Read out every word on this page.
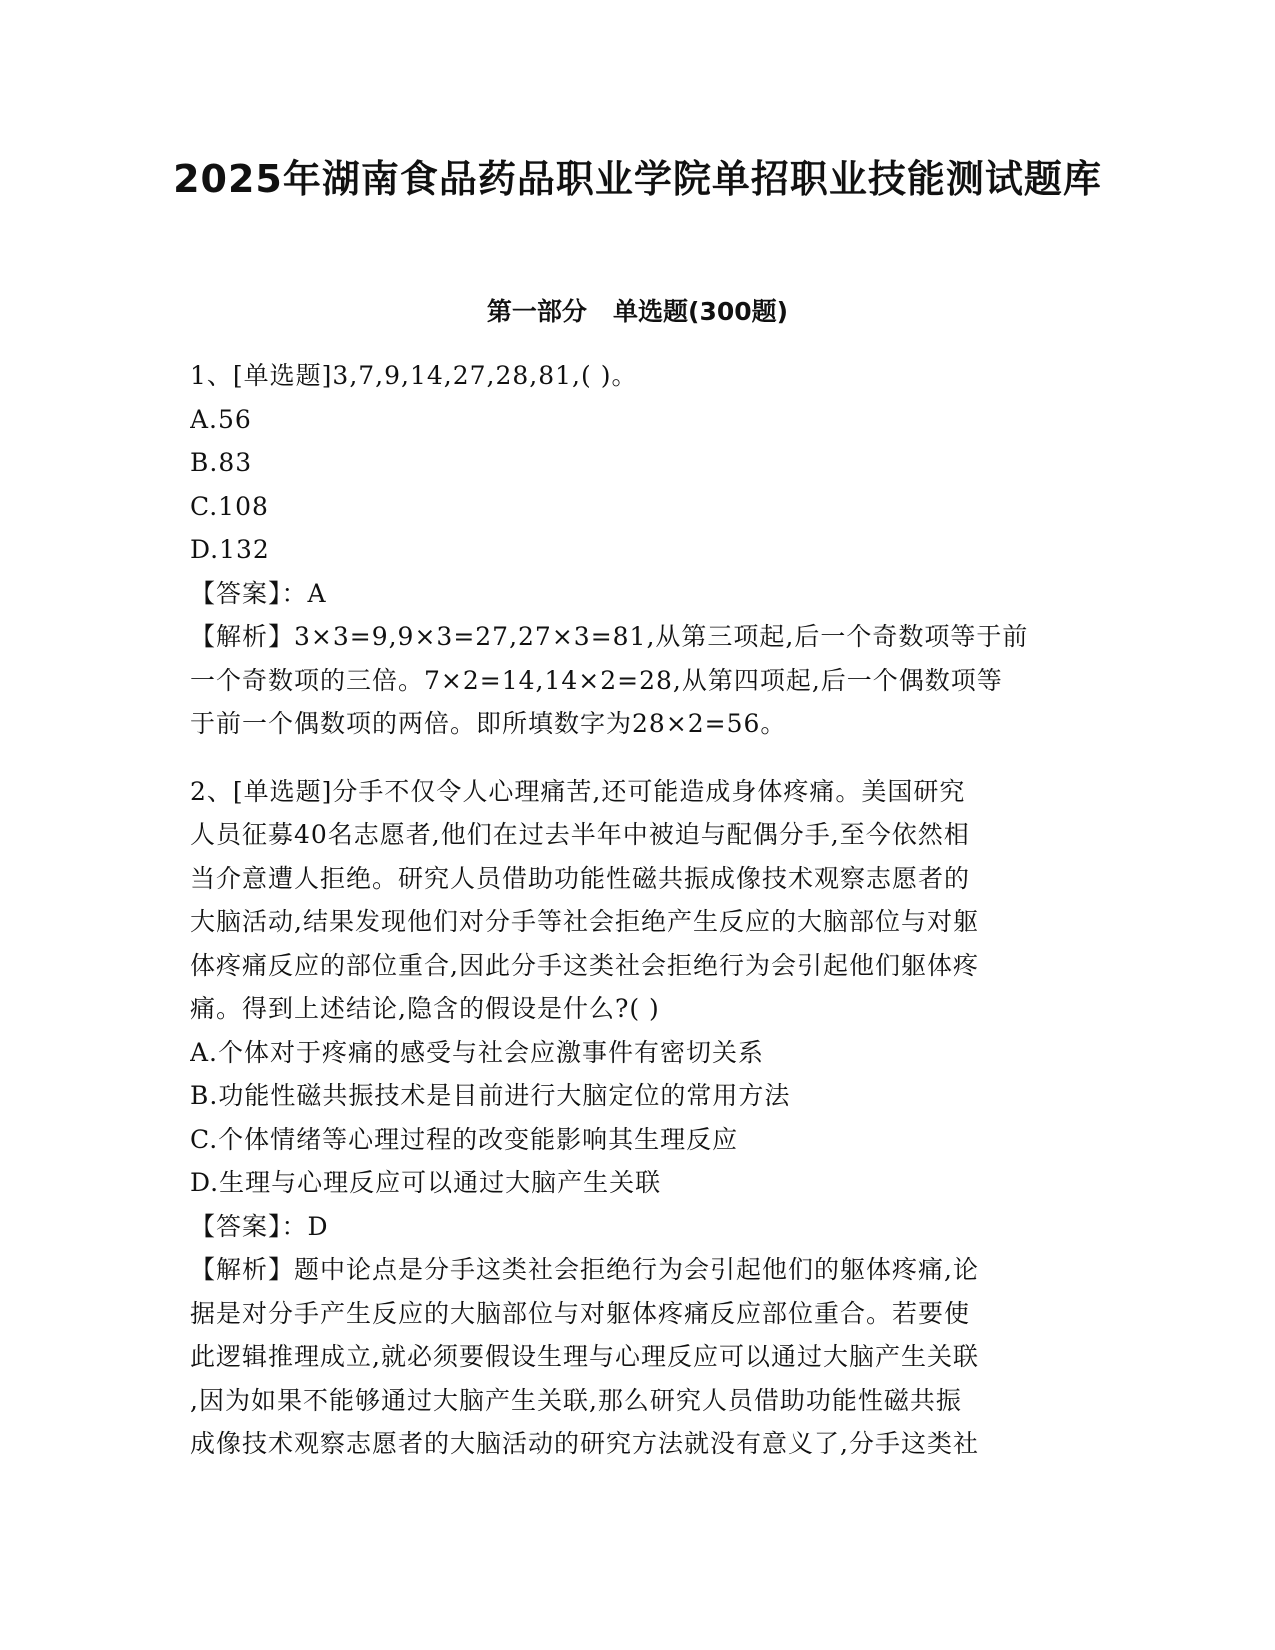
2025年湖南食品药品职业学院单招职业技能测试题库
第一部分   单选题(300题)

1、[单选题]3,7,9,14,27,28,81,( )。

A.56

B.83

C.108

D.132

【答案】：A

【解析】3×3=9,9×3=27,27×3=81,从第三项起,后一个奇数项等于前

一个奇数项的三倍。7×2=14,14×2=28,从第四项起,后一个偶数项等

于前一个偶数项的两倍。即所填数字为28×2=56。

2、[单选题]分手不仅令人心理痛苦,还可能造成身体疼痛。美国研究

人员征募40名志愿者,他们在过去半年中被迫与配偶分手,至今依然相

当介意遭人拒绝。研究人员借助功能性磁共振成像技术观察志愿者的

大脑活动,结果发现他们对分手等社会拒绝产生反应的大脑部位与对躯

体疼痛反应的部位重合,因此分手这类社会拒绝行为会引起他们躯体疼

痛。得到上述结论,隐含的假设是什么?( )

A.个体对于疼痛的感受与社会应激事件有密切关系

B.功能性磁共振技术是目前进行大脑定位的常用方法

C.个体情绪等心理过程的改变能影响其生理反应

D.生理与心理反应可以通过大脑产生关联

【答案】：D

【解析】题中论点是分手这类社会拒绝行为会引起他们的躯体疼痛,论

据是对分手产生反应的大脑部位与对躯体疼痛反应部位重合。若要使

此逻辑推理成立,就必须要假设生理与心理反应可以通过大脑产生关联

,因为如果不能够通过大脑产生关联,那么研究人员借助功能性磁共振

成像技术观察志愿者的大脑活动的研究方法就没有意义了,分手这类社
